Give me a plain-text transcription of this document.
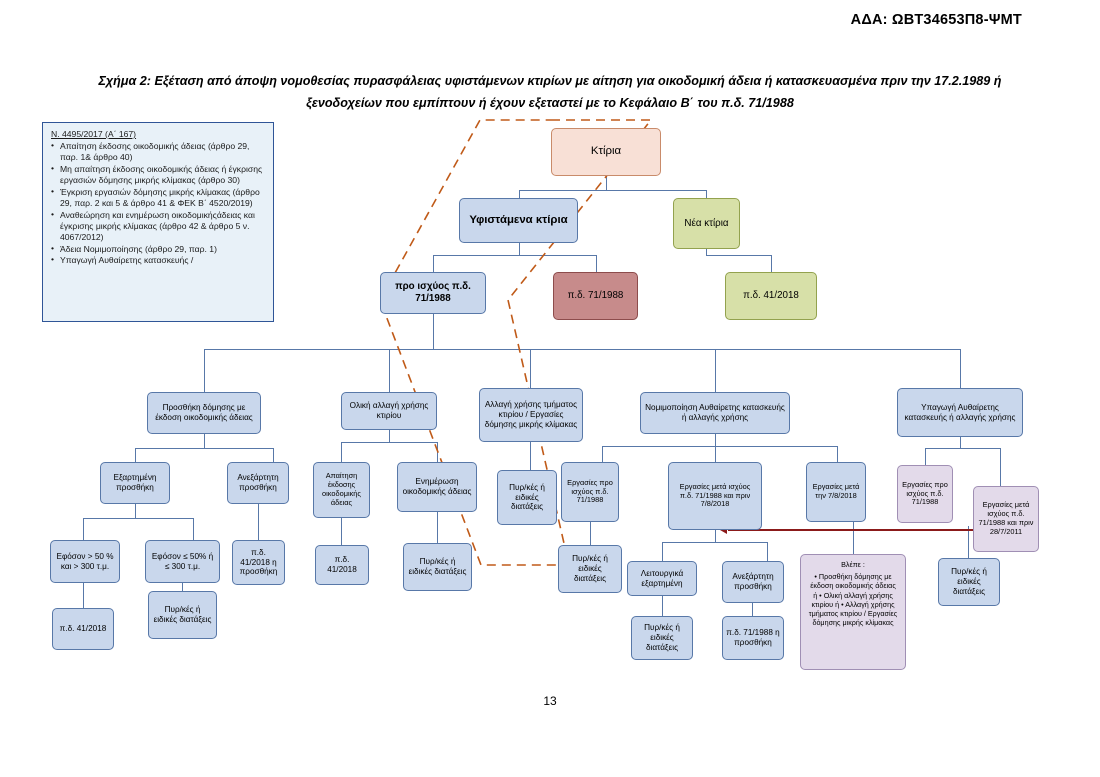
ΑΔΑ: ΩΒΤ34653Π8-ΨΜΤ
Σχήμα 2: Εξέταση από άποψη νομοθεσίας πυρασφάλειας υφιστάμενων κτιρίων με αίτηση για οικοδομική άδεια ή κατασκευασμένα πριν την 17.2.1989 ή ξενοδοχείων που εμπίπτουν ή έχουν εξεταστεί με το Κεφάλαιο Β΄ του π.δ. 71/1988
Ν. 4495/2017 (Α΄ 167)
• Απαίτηση έκδοσης οικοδομικής άδειας (άρθρο 29, παρ. 1& άρθρο 40)
• Μη απαίτηση έκδοσης οικοδομικής άδειας ή έγκρισης εργασιών δόμησης μικρής κλίμακας (άρθρο 30)
• Έγκριση εργασιών δόμησης μικρής κλίμακας (άρθρο 29, παρ. 2 και 5 & άρθρο 41 & ΦΕΚ Β΄ 4520/2019)
• Αναθεώρηση και ενημέρωση οικοδομικήςάδειας και έγκρισης μικρής κλίμακας (άρθρο 42 & άρθρο 5 ν. 4067/2012)
• Άδεια Νομιμοποίησης (άρθρο 29, παρ. 1)
• Υπαγωγή Αυθαίρετης κατασκευής /
Κτίρια
Υφιστάμενα κτίρια	Νέα κτίρια
προ ισχύος π.δ. 71/1988	π.δ. 71/1988	π.δ. 41/2018
Προσθήκη δόμησης με έκδοση οικοδομικής άδειας
Ολική αλλαγή χρήσης κτιρίου
Αλλαγή χρήσης τμήματος κτιρίου / Εργασίες δόμησης μικρής κλίμακας
Νομιμοποίηση Αυθαίρετης κατασκευής ή αλλαγής χρήσης
Υπαγωγή Αυθαίρετης κατασκευής ή αλλαγής χρήσης
Εξαρτημένη προσθήκη
Ανεξάρτητη προσθήκη
Απαίτηση έκδοσης οικοδομικής άδειας
Ενημέρωση οικοδομικής άδειας	Πυρ/κές ή ειδικές διατάξεις
Εργασίες προ ισχύος π.δ. 71/1988
Εργασίες μετά ισχύος π.δ. 71/1988 και πριν 7/8/2018
Εργασίες μετά την 7/8/2018
Εργασίες προ ισχύος π.δ. 71/1988	Εργασίες μετά ισχύος π.δ. 71/1988 και πριν 28/7/2011
Εφόσον > 50 % και > 300 τ.μ.
Εφόσον ≤ 50% ή ≤ 300 τ.μ.
π.δ. 41/2018 η προσθήκη
π.δ. 41/2018
Πυρ/κές ή ειδικές διατάξεις
Πυρ/κές ή ειδικές διατάξεις
π.δ. 41/2018
Πυρ/κές ή ειδικές διατάξεις
Λειτουργικά εξαρτημένη
Ανεξάρτητη προσθήκη
Πυρ/κές ή ειδικές διατάξεις
π.δ. 71/1988 η προσθήκη
Βλέπε :
• Προσθήκη δόμησης με έκδοση οικοδομικής άδειας ή • Ολική αλλαγή χρήσης κτιρίου ή • Αλλαγή χρήσης τμήματος κτιρίου / Εργασίες δόμησης μικρής κλίμακας
Πυρ/κές ή ειδικές διατάξεις
13
